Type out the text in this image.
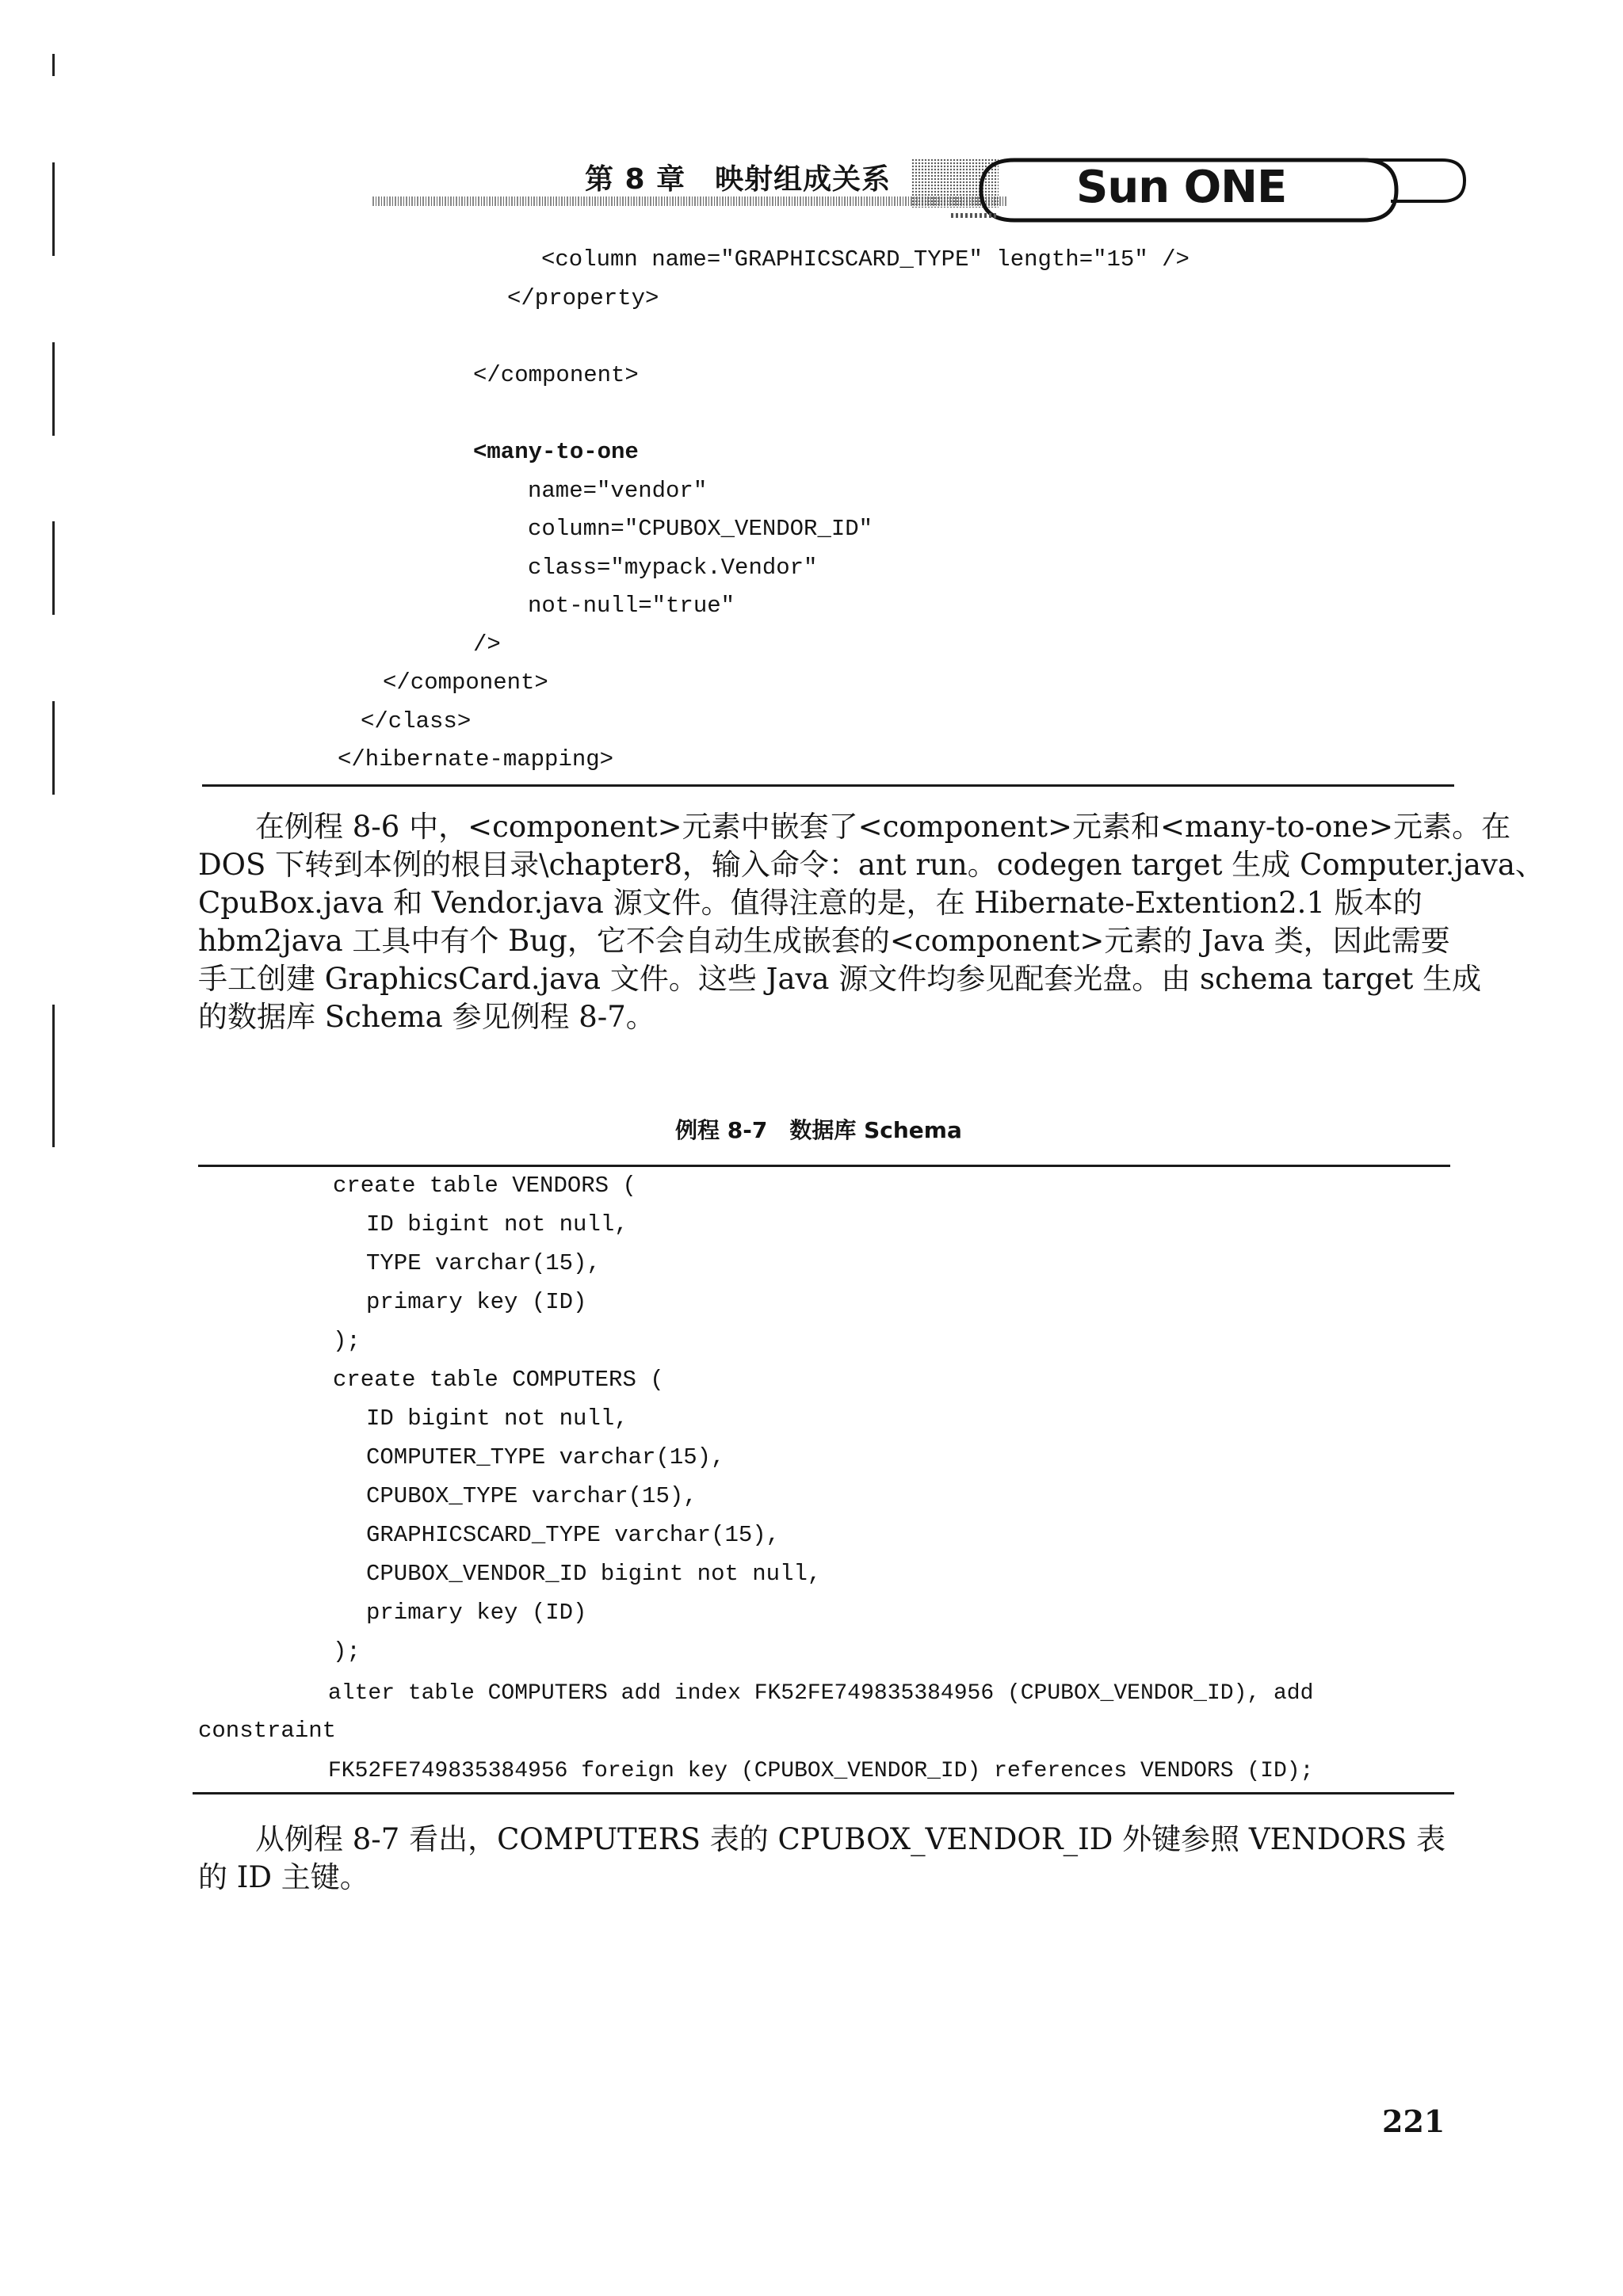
第 8 章　映射组成关系	Sun ONE
<column name="GRAPHICSCARD_TYPE" length="15" />
</property>
</component>
<many-to-one
name="vendor"
column="CPUBOX_VENDOR_ID"
class="mypack.Vendor"
not-null="true"
/>
</component>
</class>
</hibernate-mapping>
在例程 8-6 中，<component>元素中嵌套了<component>元素和<many-to-one>元素。在
DOS 下转到本例的根目录\chapter8，输入命令：ant run。codegen target 生成 Computer.java、
CpuBox.java 和 Vendor.java 源文件。值得注意的是，在 Hibernate-Extention2.1 版本的
hbm2java 工具中有个 Bug，它不会自动生成嵌套的<component>元素的 Java 类，因此需要
手工创建 GraphicsCard.java 文件。这些 Java 源文件均参见配套光盘。由 schema target 生成
的数据库 Schema 参见例程 8-7。
例程 8-7　数据库 Schema
create table VENDORS (
ID bigint not null,
TYPE varchar(15),
primary key (ID)
);
create table COMPUTERS (
ID bigint not null,
COMPUTER_TYPE varchar(15),
CPUBOX_TYPE varchar(15),
GRAPHICSCARD_TYPE varchar(15),
CPUBOX_VENDOR_ID bigint not null,
primary key (ID)
);
alter table COMPUTERS add index FK52FE749835384956 (CPUBOX_VENDOR_ID), add
constraint
FK52FE749835384956 foreign key (CPUBOX_VENDOR_ID) references VENDORS (ID);
从例程 8-7 看出，COMPUTERS 表的 CPUBOX_VENDOR_ID 外键参照 VENDORS 表
的 ID 主键。
221
